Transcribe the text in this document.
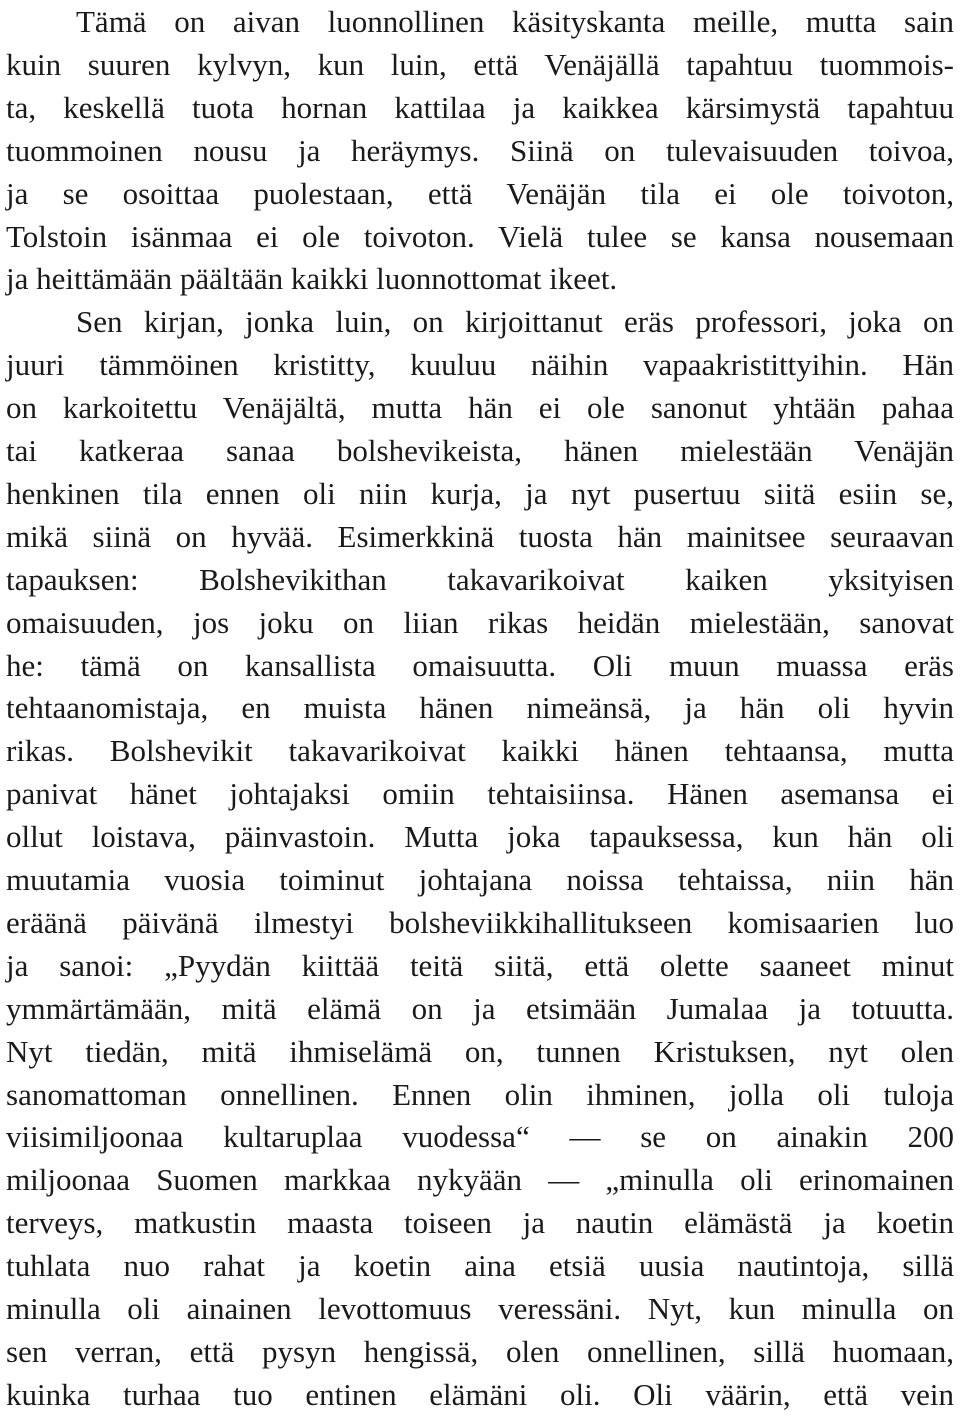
Tämä on aivan luonnollinen käsityskanta meille, mutta sain
kuin suuren kylvyn, kun luin, että Venäjällä tapahtuu tuommois-
ta, keskellä tuota hornan kattilaa ja kaikkea kärsimystä tapahtuu
tuommoinen nousu ja heräymys. Siinä on tulevaisuuden toivoa,
ja se osoittaa puolestaan, että Venäjän tila ei ole toivoton,
Tolstoin isänmaa ei ole toivoton. Vielä tulee se kansa nousemaan
ja heittämään päältään kaikki luonnottomat ikeet.
Sen kirjan, jonka luin, on kirjoittanut eräs professori, joka on
juuri tämmöinen kristitty, kuuluu näihin vapaakristittyihin. Hän
on karkoitettu Venäjältä, mutta hän ei ole sanonut yhtään pahaa
tai katkeraa sanaa bolshevikeista, hänen mielestään Venäjän
henkinen tila ennen oli niin kurja, ja nyt pusertuu siitä esiin se,
mikä siinä on hyvää. Esimerkkinä tuosta hän mainitsee seuraavan
tapauksen: Bolshevikithan takavarikoivat kaiken yksityisen
omaisuuden, jos joku on liian rikas heidän mielestään, sanovat
he: tämä on kansallista omaisuutta. Oli muun muassa eräs
tehtaanomistaja, en muista hänen nimeänsä, ja hän oli hyvin
rikas. Bolshevikit takavarikoivat kaikki hänen tehtaansa, mutta
panivat hänet johtajaksi omiin tehtaisiinsa. Hänen asemansa ei
ollut loistava, päinvastoin. Mutta joka tapauksessa, kun hän oli
muutamia vuosia toiminut johtajana noissa tehtaissa, niin hän
eräänä päivänä ilmestyi bolsheviikkihallitukseen komisaarien luo
ja sanoi: „Pyydän kiittää teitä siitä, että olette saaneet minut
ymmärtämään, mitä elämä on ja etsimään Jumalaa ja totuutta.
Nyt tiedän, mitä ihmiselämä on, tunnen Kristuksen, nyt olen
sanomattoman onnellinen. Ennen olin ihminen, jolla oli tuloja
viisimiljoonaa kultaruplaa vuodessa“ — se on ainakin 200
miljoonaa Suomen markkaa nykyään — „minulla oli erinomainen
terveys, matkustin maasta toiseen ja nautin elämästä ja koetin
tuhlata nuo rahat ja koetin aina etsiä uusia nautintoja, sillä
minulla oli ainainen levottomuus veressäni. Nyt, kun minulla on
sen verran, että pysyn hengissä, olen onnellinen, sillä huomaan,
kuinka turhaa tuo entinen elämäni oli. Oli väärin, että vein
